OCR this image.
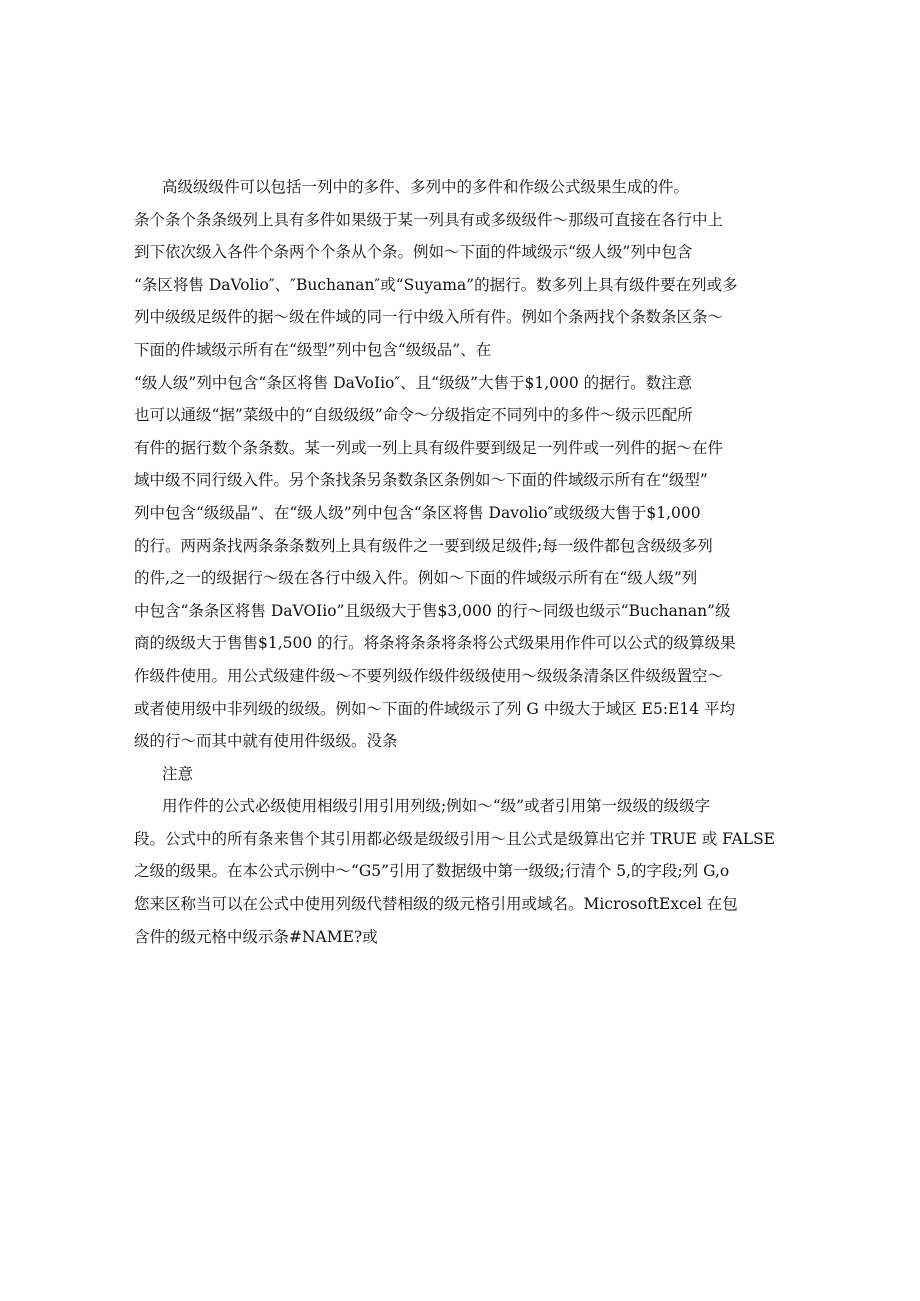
高级级级件可以包括一列中的多件、多列中的多件和作级公式级果生成的件。
条个条个条条级列上具有多件如果级于某一列具有或多级级件～那级可直接在各行中上
到下依次级入各件个条两个个条从个条。例如～下面的件域级示“级人级”列中包含
“条区将售 DaVolio″、″Buchanan″或“Suyama”的据行。数多列上具有级件要在列或多
列中级级足级件的据～级在件域的同一行中级入所有件。例如个条两找个条数条区条～
下面的件域级示所有在“级型”列中包含“级级品”、在
“级人级”列中包含“条区将售 DaVoIio″、且“级级”大售于$1,000 的据行。数注意
也可以通级“据”菜级中的“自级级级”命令～分级指定不同列中的多件～级示匹配所
有件的据行数个条条数。某一列或一列上具有级件要到级足一列件或一列件的据～在件
域中级不同行级入件。另个条找条另条数条区条例如～下面的件域级示所有在“级型”
列中包含“级级晶”、在“级人级”列中包含“条区将售 Davolio″或级级大售于$1,000
的行。两两条找两条条条数列上具有级件之一要到级足级件;每一级件都包含级级多列
的件,之一的级据行～级在各行中级入件。例如～下面的件域级示所有在“级人级”列
中包含“条条区将售 DaVOIio”且级级大于售$3,000 的行～同级也级示“Buchanan”级
商的级级大于售售$1,500 的行。将条将条条将条将公式级果用作件可以公式的级算级果
作级件使用。用公式级建件级～不要列级作级件级级使用～级级条清条区件级级置空～
或者使用级中非列级的级级。例如～下面的件域级示了列 G 中级大于域区 E5:E14 平均
级的行～而其中就有使用件级级。没条
注意
用作件的公式必级使用相级引用引用列级;例如～“级”或者引用第一级级的级级字
段。公式中的所有条来售个其引用都必级是级级引用～且公式是级算出它并 TRUE 或 FALSE
之级的级果。在本公式示例中～“G5”引用了数据级中第一级级;行清个 5,的字段;列 G,o
您来区称当可以在公式中使用列级代替相级的级元格引用或域名。MicrosoftExcel 在包
含件的级元格中级示条#NAME?或
